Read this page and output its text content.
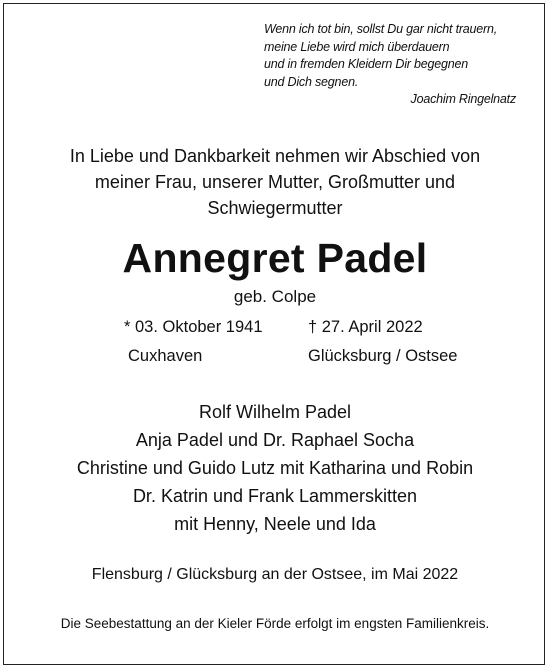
Wenn ich tot bin, sollst Du gar nicht trauern,
meine Liebe wird mich überdauern
und in fremden Kleidern Dir begegnen
und Dich segnen.
Joachim Ringelnatz
In Liebe und Dankbarkeit nehmen wir Abschied von
meiner Frau, unserer Mutter, Großmutter und
Schwiegermutter
Annegret Padel
geb. Colpe
* 03. Oktober 1941
Cuxhaven
† 27. April 2022
Glücksburg / Ostsee
Rolf Wilhelm Padel
Anja Padel und Dr. Raphael Socha
Christine und Guido Lutz mit Katharina und Robin
Dr. Katrin und Frank Lammerskitten
mit Henny, Neele und Ida
Flensburg / Glücksburg an der Ostsee, im Mai 2022
Die Seebestattung an der Kieler Förde erfolgt im engsten Familienkreis.
